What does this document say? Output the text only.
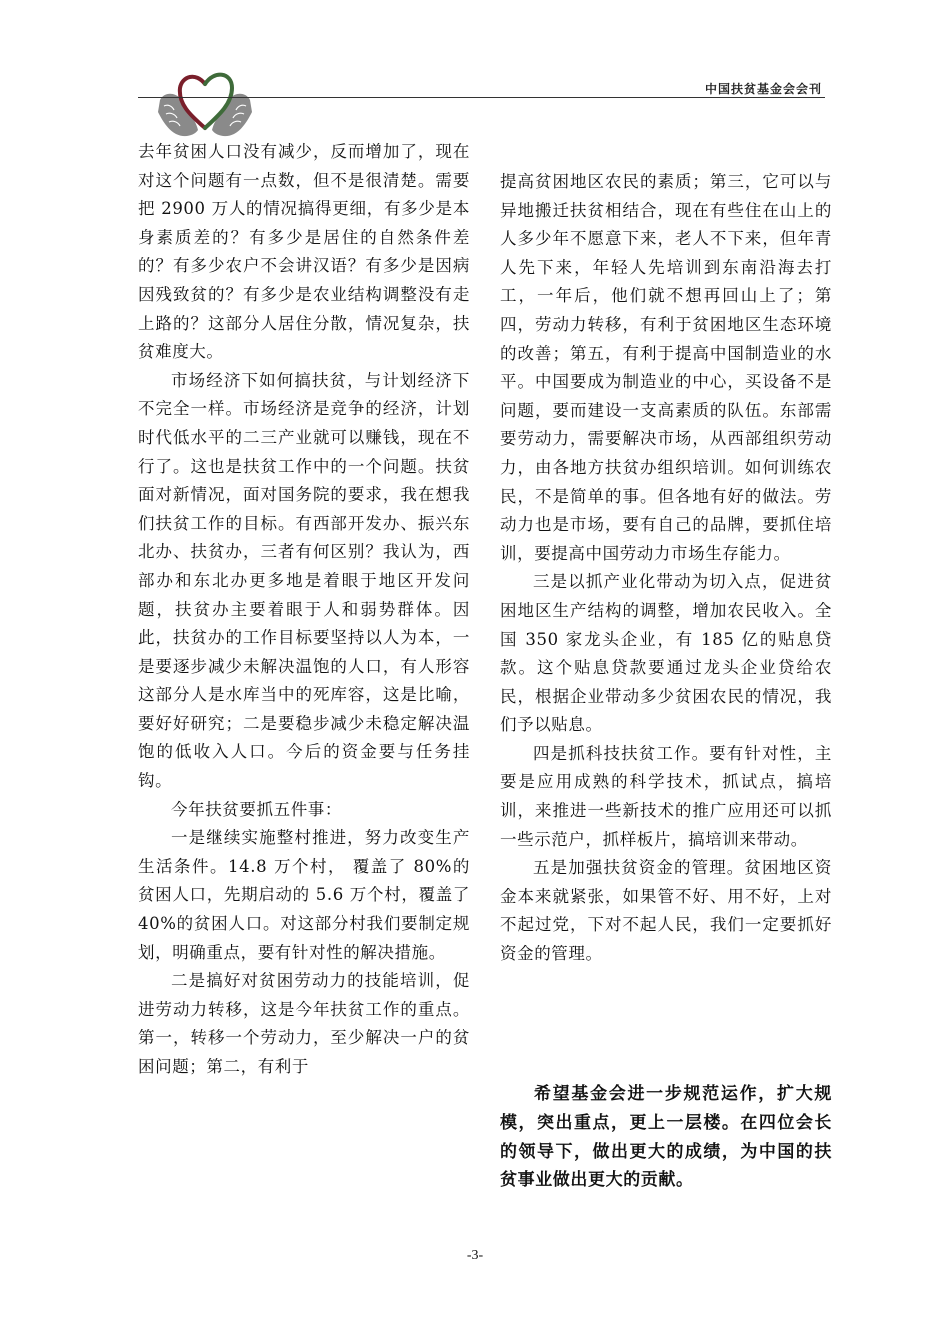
中国扶贫基金会会刊

去年贫困人口没有减少，反而增加了，现在对这个问题有一点数，但不是很清楚。需要把 2900 万人的情况搞得更细，有多少是本身素质差的？有多少是居住的自然条件差的？有多少农户不会讲汉语？有多少是因病因残致贫的？有多少是农业结构调整没有走上路的？这部分人居住分散，情况复杂，扶贫难度大。

市场经济下如何搞扶贫，与计划经济下不完全一样。市场经济是竞争的经济，计划时代低水平的二三产业就可以赚钱，现在不行了。这也是扶贫工作中的一个问题。扶贫面对新情况，面对国务院的要求，我在想我们扶贫工作的目标。有西部开发办、振兴东北办、扶贫办，三者有何区别？我认为，西部办和东北办更多地是着眼于地区开发问题，扶贫办主要着眼于人和弱势群体。因此，扶贫办的工作目标要坚持以人为本，一是要逐步减少未解决温饱的人口，有人形容这部分人是水库当中的死库容，这是比喻，要好好研究；二是要稳步减少未稳定解决温饱的低收入人口。今后的资金要与任务挂钩。

今年扶贫要抓五件事：

一是继续实施整村推进，努力改变生产生活条件。14.8 万个村， 覆盖了 80%的贫困人口，先期启动的 5.6 万个村，覆盖了 40%的贫困人口。对这部分村我们要制定规划，明确重点，要有针对性的解决措施。

二是搞好对贫困劳动力的技能培训，促进劳动力转移，这是今年扶贫工作的重点。第一，转移一个劳动力，至少解决一户的贫困问题；第二，有利于

提高贫困地区农民的素质；第三，它可以与异地搬迁扶贫相结合，现在有些住在山上的人多少年不愿意下来，老人不下来，但年青人先下来，年轻人先培训到东南沿海去打工，一年后，他们就不想再回山上了；第四，劳动力转移，有利于贫困地区生态环境的改善；第五，有利于提高中国制造业的水平。中国要成为制造业的中心，买设备不是问题，要而建设一支高素质的队伍。东部需要劳动力，需要解决市场，从西部组织劳动力，由各地方扶贫办组织培训。如何训练农民，不是简单的事。但各地有好的做法。劳动力也是市场，要有自己的品牌，要抓住培训，要提高中国劳动力市场生存能力。

三是以抓产业化带动为切入点，促进贫困地区生产结构的调整，增加农民收入。全国 350 家龙头企业，有 185 亿的贴息贷款。这个贴息贷款要通过龙头企业贷给农民，根据企业带动多少贫困农民的情况，我们予以贴息。

四是抓科技扶贫工作。要有针对性，主要是应用成熟的科学技术，抓试点，搞培训，来推进一些新技术的推广应用还可以抓一些示范户，抓样板片，搞培训来带动。

五是加强扶贫资金的管理。贫困地区资金本来就紧张，如果管不好、用不好，上对不起过党，下对不起人民，我们一定要抓好资金的管理。

希望基金会进一步规范运作，扩大规模，突出重点，更上一层楼。在四位会长的领导下，做出更大的成绩，为中国的扶贫事业做出更大的贡献。
-3-
